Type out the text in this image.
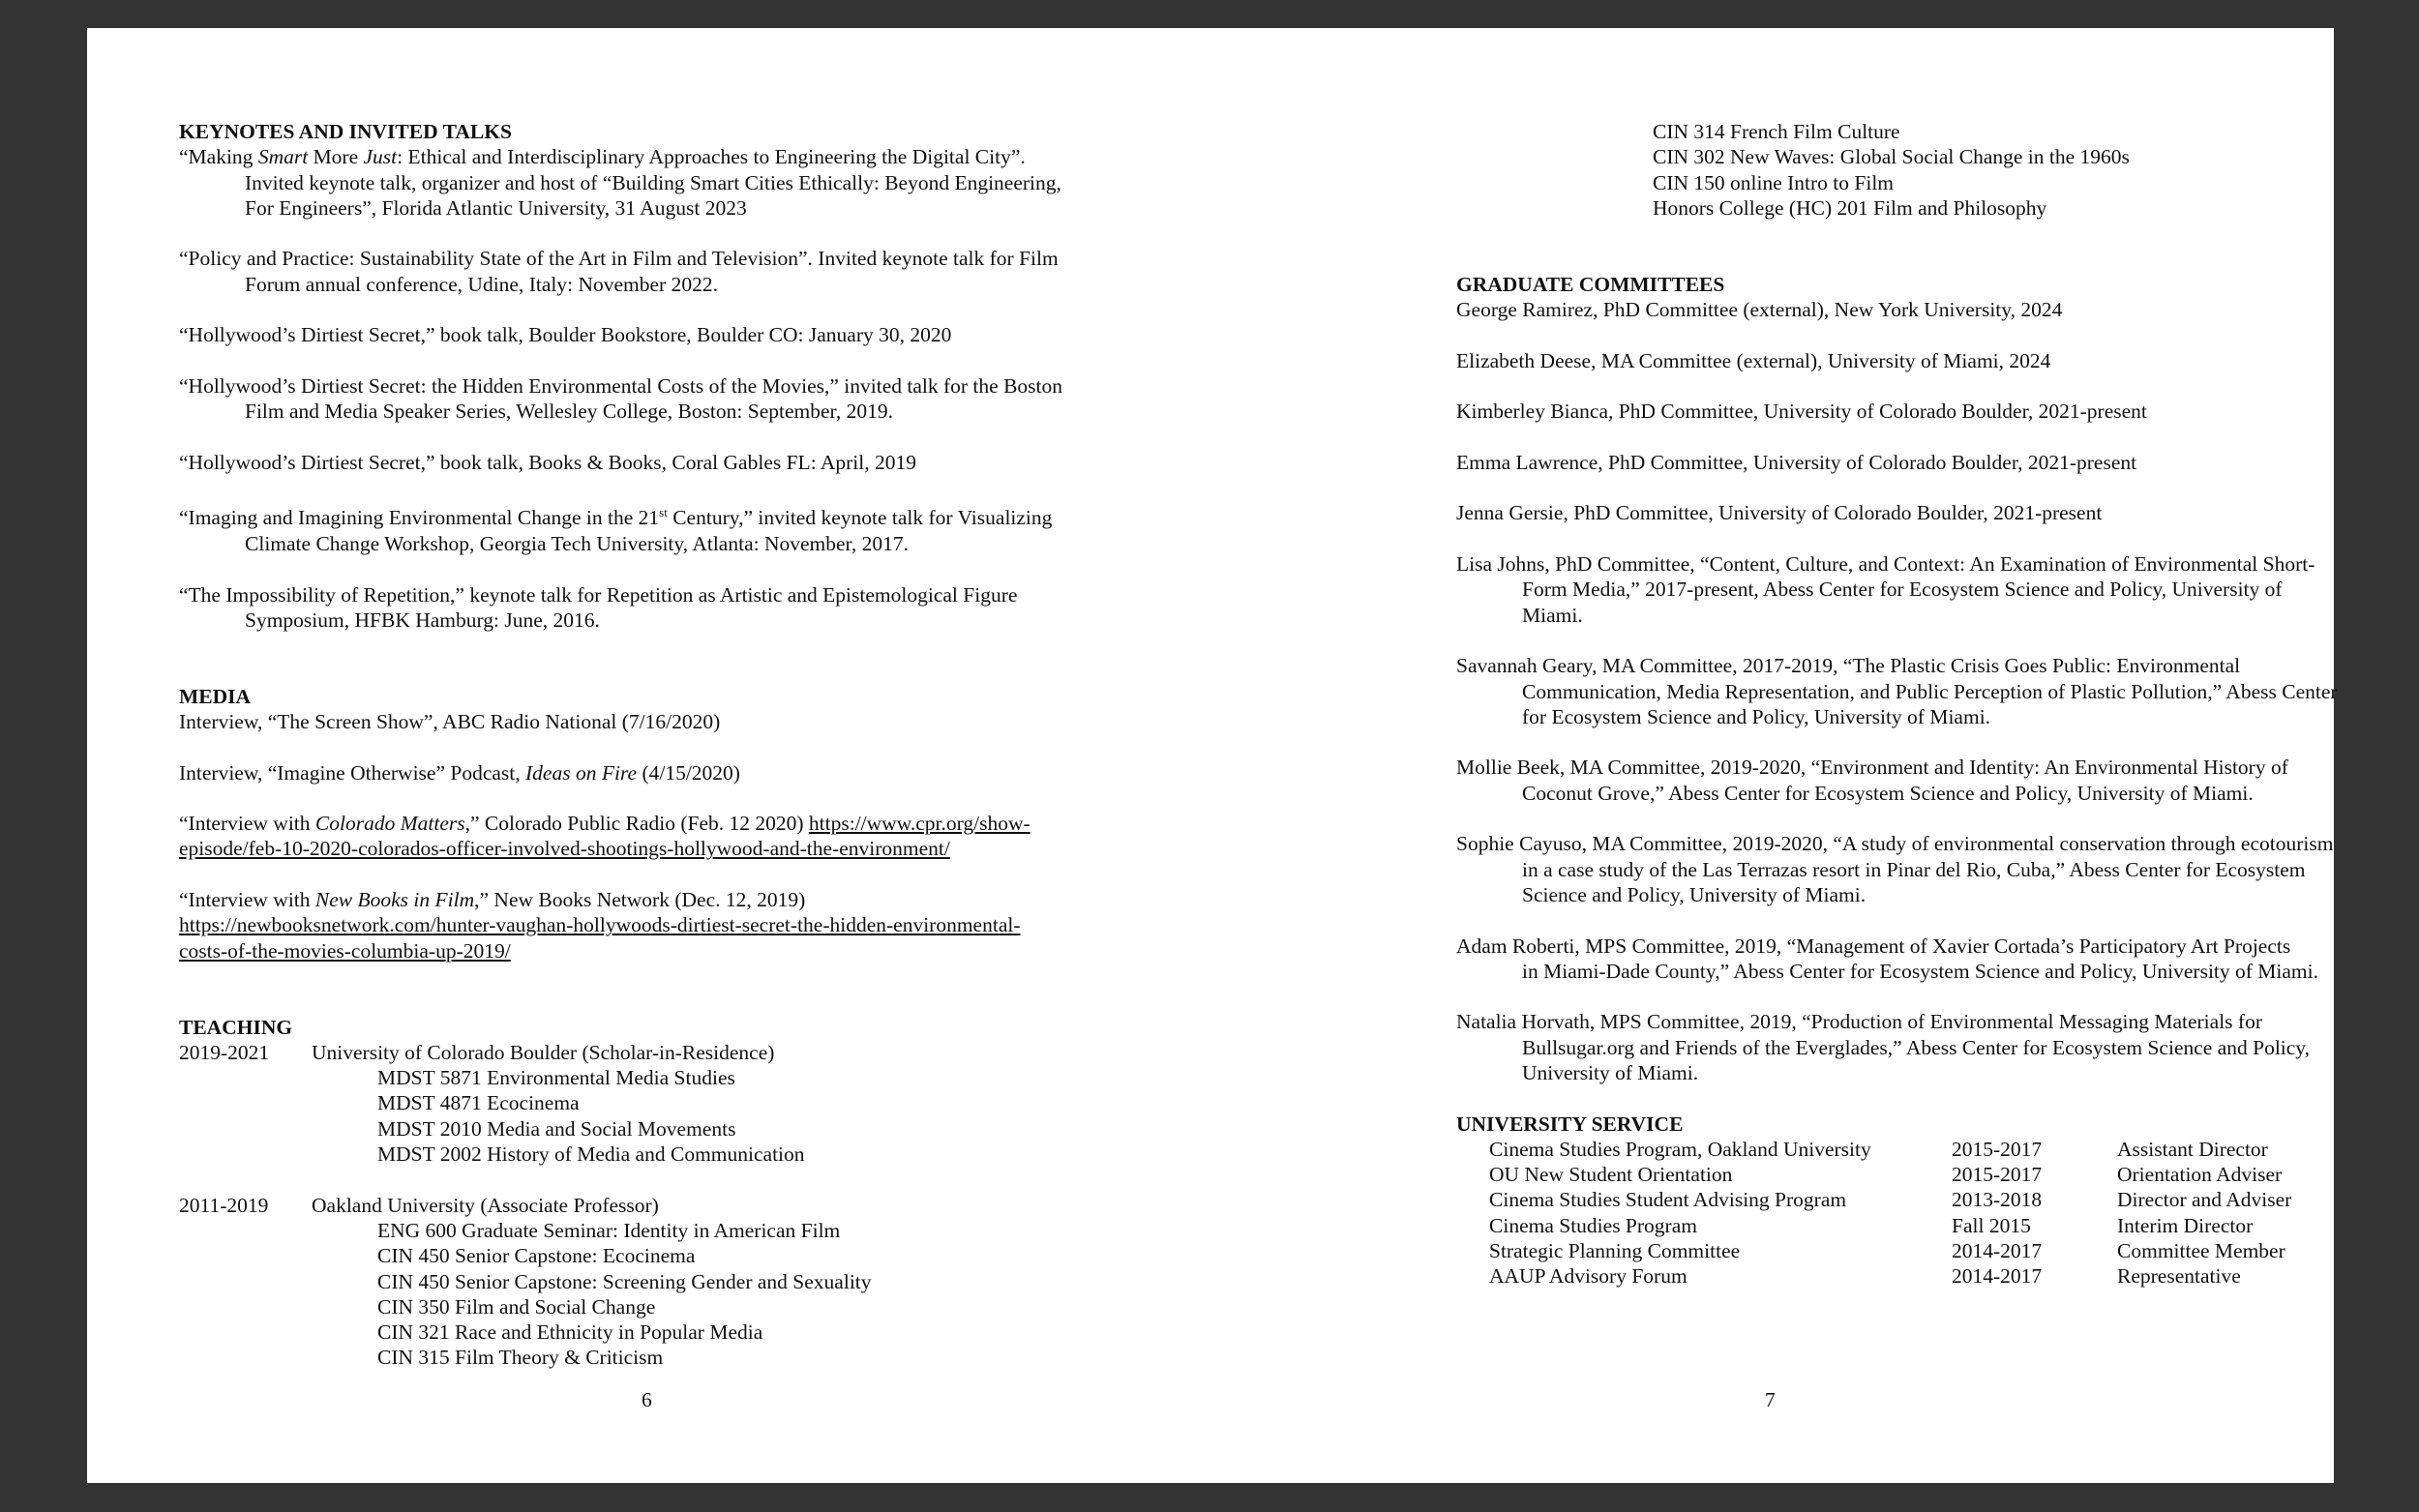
KEYNOTES AND INVITED TALKS
“Making Smart More Just: Ethical and Interdisciplinary Approaches to Engineering the Digital City”.
Invited keynote talk, organizer and host of “Building Smart Cities Ethically: Beyond Engineering,
For Engineers”, Florida Atlantic University, 31 August 2023
“Policy and Practice: Sustainability State of the Art in Film and Television”. Invited keynote talk for Film
Forum annual conference, Udine, Italy: November 2022.
“Hollywood’s Dirtiest Secret,” book talk, Boulder Bookstore, Boulder CO: January 30, 2020
“Hollywood’s Dirtiest Secret: the Hidden Environmental Costs of the Movies,” invited talk for the Boston
Film and Media Speaker Series, Wellesley College, Boston: September, 2019.
“Hollywood’s Dirtiest Secret,” book talk, Books & Books, Coral Gables FL: April, 2019
“Imaging and Imagining Environmental Change in the 21st Century,” invited keynote talk for Visualizing
Climate Change Workshop, Georgia Tech University, Atlanta: November, 2017.
“The Impossibility of Repetition,” keynote talk for Repetition as Artistic and Epistemological Figure
Symposium, HFBK Hamburg: June, 2016.
MEDIA
Interview, “The Screen Show”, ABC Radio National (7/16/2020)
Interview, “Imagine Otherwise” Podcast, Ideas on Fire (4/15/2020)
“Interview with Colorado Matters,” Colorado Public Radio (Feb. 12 2020) https://www.cpr.org/show-
episode/feb-10-2020-colorados-officer-involved-shootings-hollywood-and-the-environment/
“Interview with New Books in Film,” New Books Network (Dec. 12, 2019)
https://newbooksnetwork.com/hunter-vaughan-hollywoods-dirtiest-secret-the-hidden-environmental-
costs-of-the-movies-columbia-up-2019/
TEACHING
2019-2021	University of Colorado Boulder (Scholar-in-Residence)
MDST 5871 Environmental Media Studies
MDST 4871 Ecocinema
MDST 2010 Media and Social Movements
MDST 2002 History of Media and Communication
2011-2019	Oakland University (Associate Professor)
ENG 600 Graduate Seminar: Identity in American Film
CIN 450 Senior Capstone: Ecocinema
CIN 450 Senior Capstone: Screening Gender and Sexuality
CIN 350 Film and Social Change
CIN 321 Race and Ethnicity in Popular Media
CIN 315 Film Theory & Criticism
6
CIN 314 French Film Culture
CIN 302 New Waves: Global Social Change in the 1960s
CIN 150 online Intro to Film
Honors College (HC) 201 Film and Philosophy
GRADUATE COMMITTEES
George Ramirez, PhD Committee (external), New York University, 2024
Elizabeth Deese, MA Committee (external), University of Miami, 2024
Kimberley Bianca, PhD Committee, University of Colorado Boulder, 2021-present
Emma Lawrence, PhD Committee, University of Colorado Boulder, 2021-present
Jenna Gersie, PhD Committee, University of Colorado Boulder, 2021-present
Lisa Johns, PhD Committee, “Content, Culture, and Context: An Examination of Environmental Short-
Form Media,” 2017-present, Abess Center for Ecosystem Science and Policy, University of
Miami.
Savannah Geary, MA Committee, 2017-2019, “The Plastic Crisis Goes Public: Environmental
Communication, Media Representation, and Public Perception of Plastic Pollution,” Abess Center
for Ecosystem Science and Policy, University of Miami.
Mollie Beek, MA Committee, 2019-2020, “Environment and Identity: An Environmental History of
Coconut Grove,” Abess Center for Ecosystem Science and Policy, University of Miami.
Sophie Cayuso, MA Committee, 2019-2020, “A study of environmental conservation through ecotourism
in a case study of the Las Terrazas resort in Pinar del Rio, Cuba,” Abess Center for Ecosystem
Science and Policy, University of Miami.
Adam Roberti, MPS Committee, 2019, “Management of Xavier Cortada’s Participatory Art Projects
in Miami-Dade County,” Abess Center for Ecosystem Science and Policy, University of Miami.
Natalia Horvath, MPS Committee, 2019, “Production of Environmental Messaging Materials for
Bullsugar.org and Friends of the Everglades,” Abess Center for Ecosystem Science and Policy,
University of Miami.
UNIVERSITY SERVICE
Cinema Studies Program, Oakland University	2015-2017	Assistant Director
OU New Student Orientation	2015-2017	Orientation Adviser
Cinema Studies Student Advising Program	2013-2018	Director and Adviser
Cinema Studies Program	Fall 2015	Interim Director
Strategic Planning Committee	2014-2017	Committee Member
AAUP Advisory Forum	2014-2017	Representative
7
